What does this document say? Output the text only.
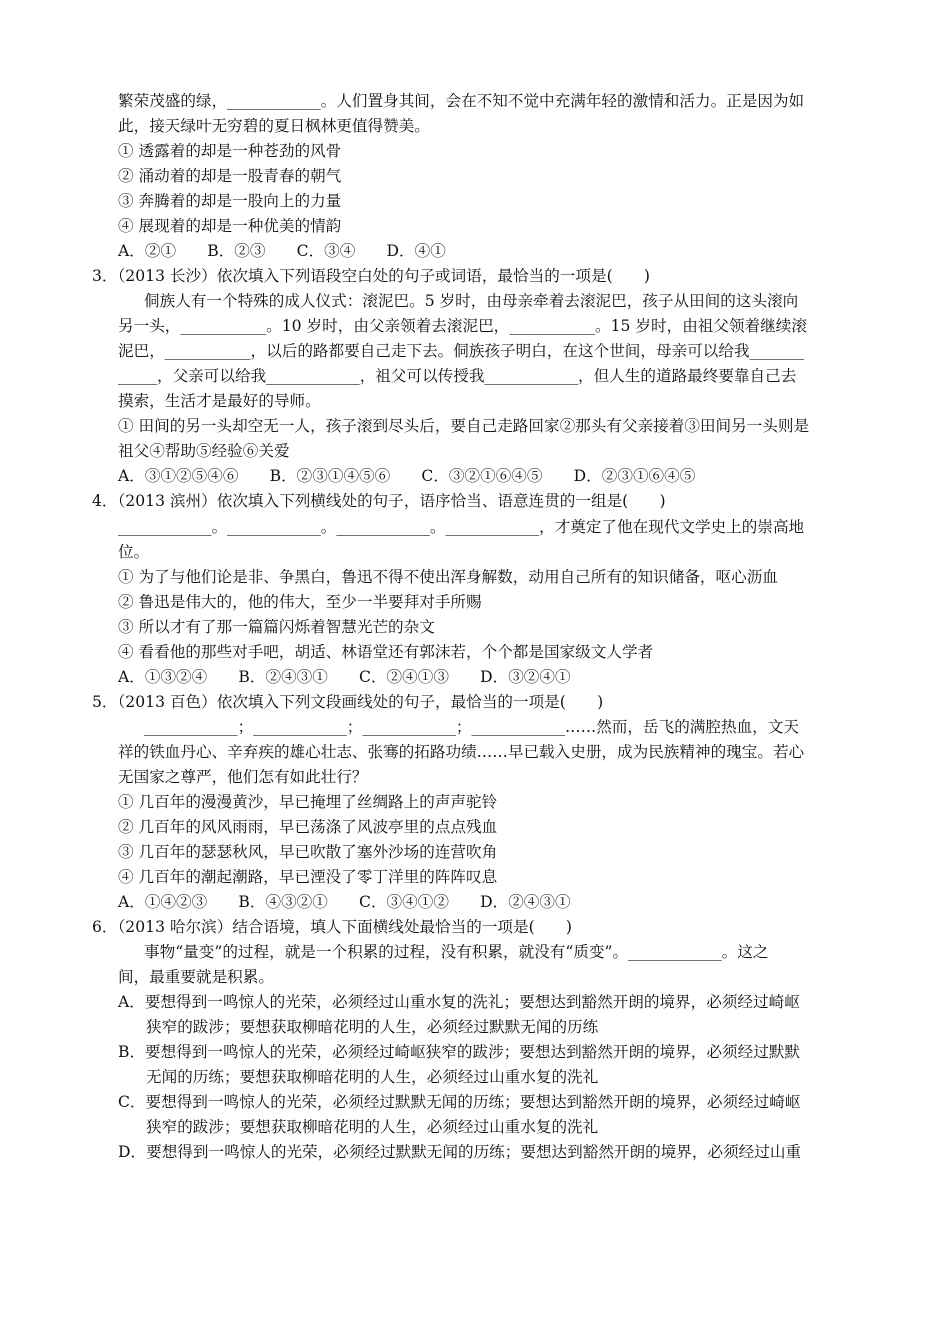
繁荣茂盛的绿，____________。人们置身其间，会在不知不觉中充满年轻的激情和活力。正是因为如
此，接天绿叶无穷碧的夏日枫林更值得赞美。
① 透露着的却是一种苍劲的风骨
② 涌动着的却是一股青春的朝气
③ 奔腾着的却是一股向上的力量
④ 展现着的却是一种优美的情韵
A．②①　　B．②③　　C．③④　　D．④①
3．（2013 长沙）依次填入下列语段空白处的句子或词语，最恰当的一项是(　　)
侗族人有一个特殊的成人仪式：滚泥巴。5 岁时，由母亲牵着去滚泥巴，孩子从田间的这头滚向
另一头，___________。10 岁时，由父亲领着去滚泥巴，___________。15 岁时，由祖父领着继续滚
泥巴，___________，以后的路都要自己走下去。侗族孩子明白，在这个世间，母亲可以给我_______
_____，父亲可以给我____________，祖父可以传授我____________，但人生的道路最终要靠自己去
摸索，生活才是最好的导师。
① 田间的另一头却空无一人，孩子滚到尽头后，要自己走路回家②那头有父亲接着③田间另一头则是
祖父④帮助⑤经验⑥关爱
A．③①②⑤④⑥　　B．②③①④⑤⑥　　C．③②①⑥④⑤　　D．②③①⑥④⑤
4．（2013 滨州）依次填入下列横线处的句子，语序恰当、语意连贯的一组是(　　)
____________。____________。____________。____________，才奠定了他在现代文学史上的崇高地
位。
① 为了与他们论是非、争黑白，鲁迅不得不使出浑身解数，动用自己所有的知识储备，呕心沥血
② 鲁迅是伟大的，他的伟大，至少一半要拜对手所赐
③ 所以才有了那一篇篇闪烁着智慧光芒的杂文
④ 看看他的那些对手吧，胡适、林语堂还有郭沫若，个个都是国家级文人学者
A．①③②④　　B．②④③①　　C．②④①③　　D．③②④①
5．（2013 百色）依次填入下列文段画线处的句子，最恰当的一项是(　　)
____________；____________；____________；____________……然而，岳飞的满腔热血，文天
祥的铁血丹心、辛弃疾的雄心壮志、张骞的拓路功绩……早已载入史册，成为民族精神的瑰宝。若心
无国家之尊严，他们怎有如此壮行？
① 几百年的漫漫黄沙，早已掩埋了丝绸路上的声声驼铃
② 几百年的风风雨雨，早已荡涤了风波亭里的点点残血
③ 几百年的瑟瑟秋风，早已吹散了塞外沙场的连营吹角
④ 几百年的潮起潮路，早已湮没了零丁洋里的阵阵叹息
A．①④②③　　B．④③②①　　C．③④①②　　D．②④③①
6．（2013 哈尔滨）结合语境，填人下面横线处最恰当的一项是(　　)
事物“量变”的过程，就是一个积累的过程，没有积累，就没有“质变”。____________。这之
间，最重要就是积累。
A．要想得到一鸣惊人的光荣，必须经过山重水复的洗礼；要想达到豁然开朗的境界，必须经过崎岖
狭窄的跋涉；要想获取柳暗花明的人生，必须经过默默无闻的历练
B．要想得到一鸣惊人的光荣，必须经过崎岖狭窄的跋涉；要想达到豁然开朗的境界，必须经过默默
无闻的历练；要想获取柳暗花明的人生，必须经过山重水复的洗礼
C．要想得到一鸣惊人的光荣，必须经过默默无闻的历练；要想达到豁然开朗的境界，必须经过崎岖
狭窄的跋涉；要想获取柳暗花明的人生，必须经过山重水复的洗礼
D．要想得到一鸣惊人的光荣，必须经过默默无闻的历练；要想达到豁然开朗的境界，必须经过山重
